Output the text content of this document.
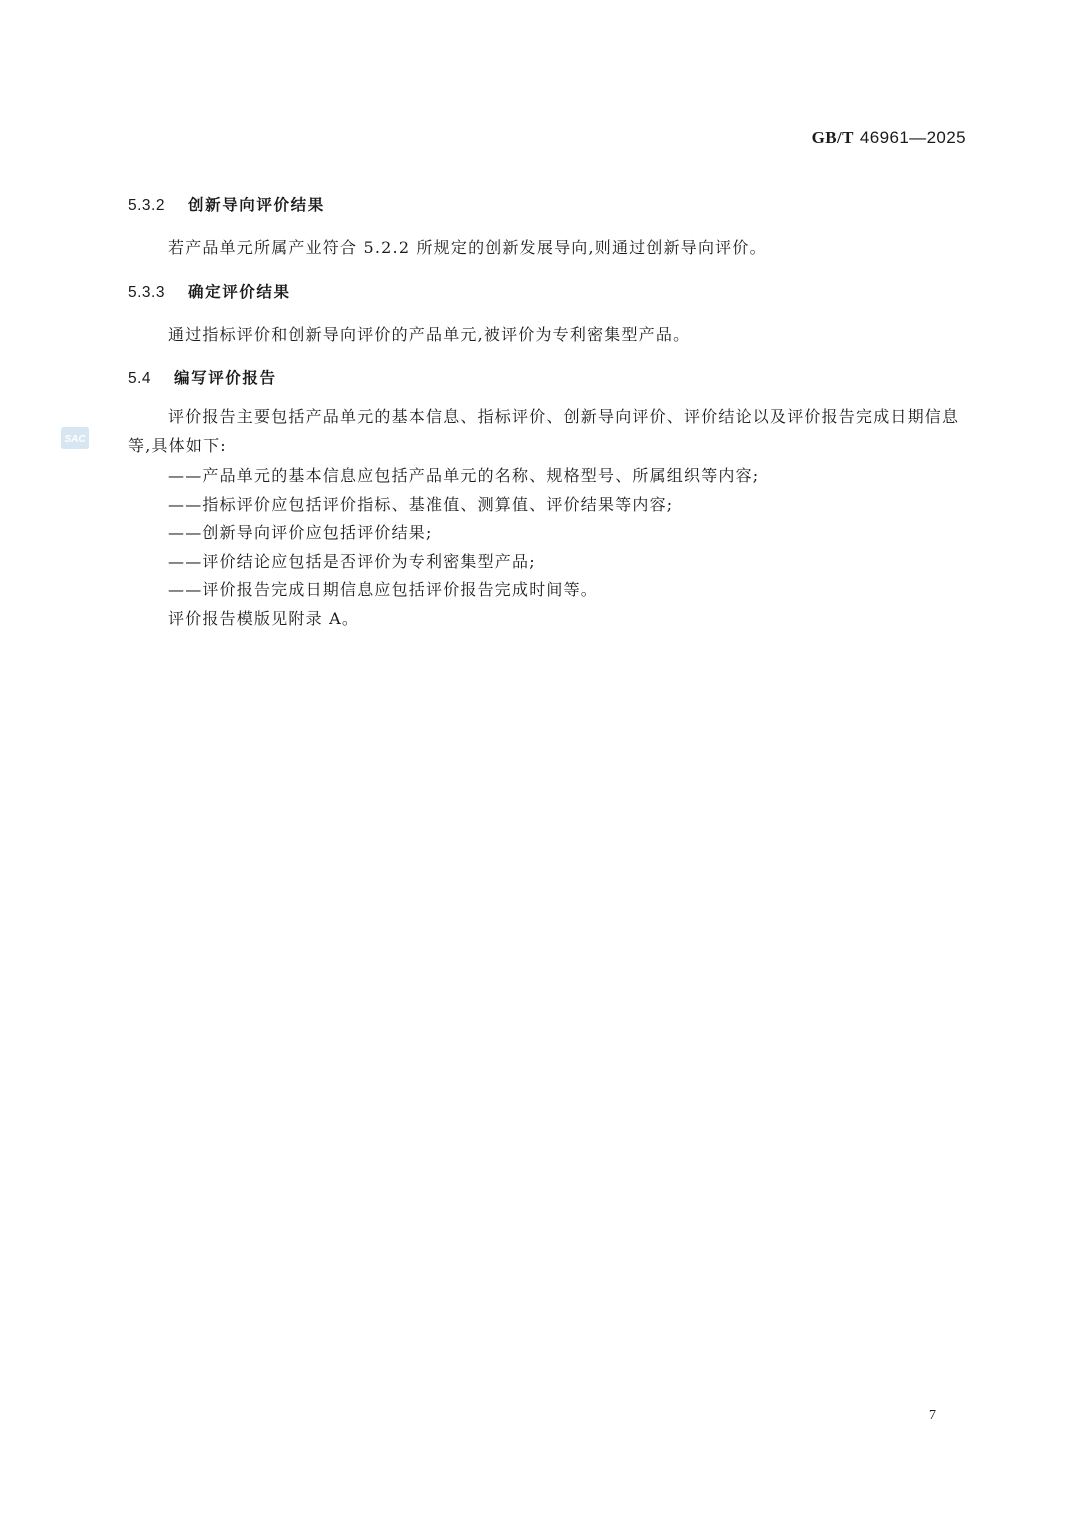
SAC
GB/T 46961—2025
5.3.2 创新导向评价结果
若产品单元所属产业符合 5.2.2 所规定的创新发展导向,则通过创新导向评价。
5.3.3 确定评价结果
通过指标评价和创新导向评价的产品单元,被评价为专利密集型产品。
5.4 编写评价报告
评价报告主要包括产品单元的基本信息、指标评价、创新导向评价、评价结论以及评价报告完成日期信息等,具体如下:
——产品单元的基本信息应包括产品单元的名称、规格型号、所属组织等内容;
——指标评价应包括评价指标、基准值、测算值、评价结果等内容;
——创新导向评价应包括评价结果;
——评价结论应包括是否评价为专利密集型产品;
——评价报告完成日期信息应包括评价报告完成时间等。
评价报告模版见附录 A。
7
